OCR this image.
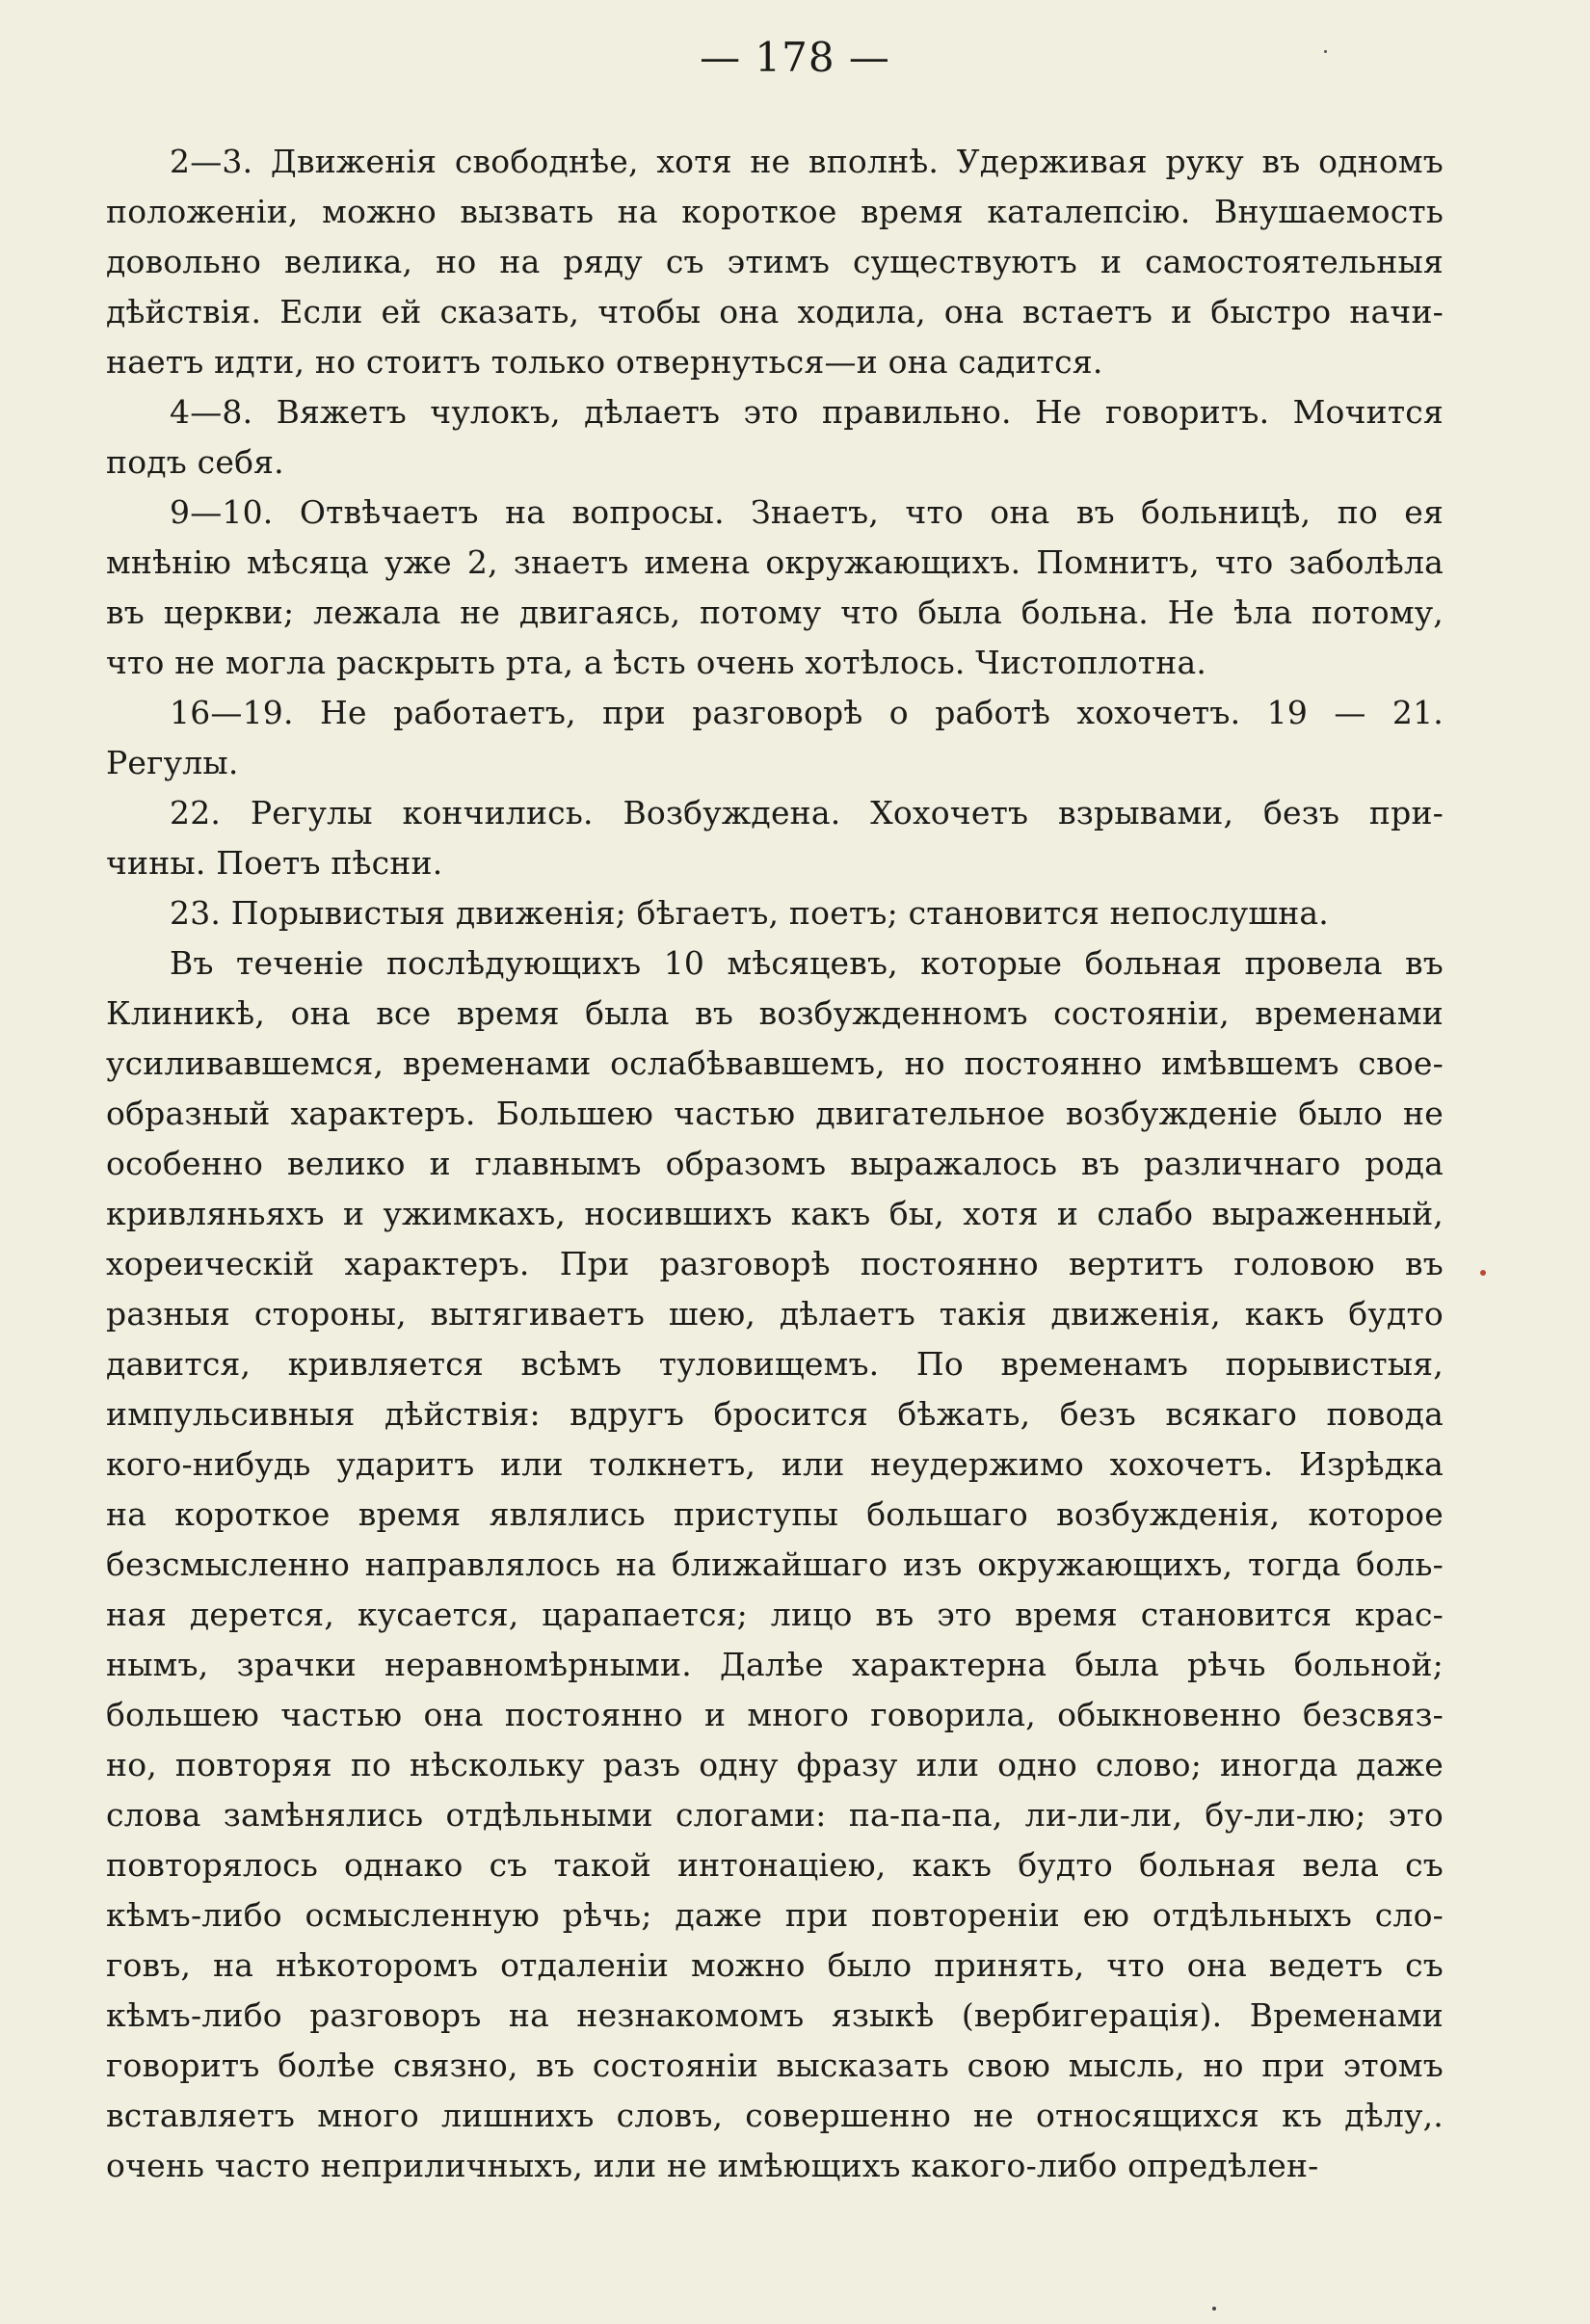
— 178 —
2—3. Движенія свободнѣе, хотя не вполнѣ. Удерживая руку въ одномъ
положеніи, можно вызвать на короткое время каталепсію. Внушаемость
довольно велика, но на ряду съ этимъ существуютъ и самостоятельныя
дѣйствія. Если ей сказать, чтобы она ходила, она встаетъ и быстро начи-
наетъ идти, но стоитъ только отвернуться—и она садится.
4—8. Вяжетъ чулокъ, дѣлаетъ это правильно. Не говоритъ. Мочится
подъ себя.
9—10. Отвѣчаетъ на вопросы. Знаетъ, что она въ больницѣ, по ея
мнѣнію мѣсяца уже 2, знаетъ имена окружающихъ. Помнитъ, что заболѣла
въ церкви; лежала не двигаясь, потому что была больна. Не ѣла потому,
что не могла раскрыть рта, а ѣсть очень хотѣлось. Чистоплотна.
16—19. Не работаетъ, при разговорѣ о работѣ хохочетъ. 19 — 21.
Регулы.
22. Регулы кончились. Возбуждена. Хохочетъ взрывами, безъ при-
чины. Поетъ пѣсни.
23. Порывистыя движенія; бѣгаетъ, поетъ; становится непослушна.
Въ теченіе послѣдующихъ 10 мѣсяцевъ, которые больная провела въ
Клиникѣ, она все время была въ возбужденномъ состояніи, временами
усиливавшемся, временами ослабѣвавшемъ, но постоянно имѣвшемъ свое-
образный характеръ. Большею частью двигательное возбужденіе было не
особенно велико и главнымъ образомъ выражалось въ различнаго рода
кривляньяхъ и ужимкахъ, носившихъ какъ бы, хотя и слабо выраженный,
хореическій характеръ. При разговорѣ постоянно вертитъ головою въ
разныя стороны, вытягиваетъ шею, дѣлаетъ такія движенія, какъ будто
давится, кривляется всѣмъ туловищемъ. По временамъ порывистыя,
импульсивныя дѣйствія: вдругъ бросится бѣжать, безъ всякаго повода
кого-нибудь ударитъ или толкнетъ, или неудержимо хохочетъ. Изрѣдка
на короткое время являлись приступы большаго возбужденія, которое
безсмысленно направлялось на ближайшаго изъ окружающихъ, тогда боль-
ная дерется, кусается, царапается; лицо въ это время становится крас-
нымъ, зрачки неравномѣрными. Далѣе характерна была рѣчь больной;
большею частью она постоянно и много говорила, обыкновенно безсвяз-
но, повторяя по нѣскольку разъ одну фразу или одно слово; иногда даже
слова замѣнялись отдѣльными слогами: па-па-па, ли-ли-ли, бу-ли-лю; это
повторялось однако съ такой интонаціею, какъ будто больная вела съ
кѣмъ-либо осмысленную рѣчь; даже при повтореніи ею отдѣльныхъ сло-
говъ, на нѣкоторомъ отдаленіи можно было принять, что она ведетъ съ
кѣмъ-либо разговоръ на незнакомомъ языкѣ (вербигерація). Временами
говоритъ болѣе связно, въ состояніи высказать свою мысль, но при этомъ
вставляетъ много лишнихъ словъ, совершенно не относящихся къ дѣлу,.
очень часто неприличныхъ, или не имѣющихъ какого-либо опредѣлен-
